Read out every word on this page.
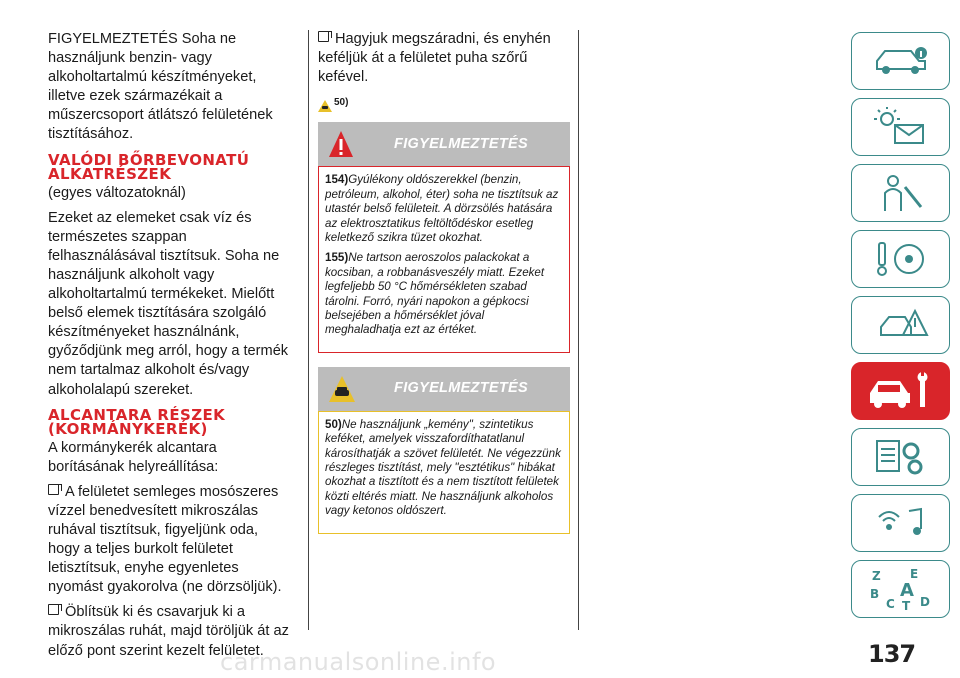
FIGYELMEZTETÉS Soha ne használjunk benzin- vagy alkoholtartalmú készítményeket, illetve ezek származékait a műszercsoport átlátszó felületének tisztításához.

VALÓDI BŐRBEVONATÚ ALKATRÉSZEK

(egyes változatoknál)

Ezeket az elemeket csak víz és természetes szappan felhasználásával tisztítsuk. Soha ne használjunk alkoholt vagy alkoholtartalmú termékeket. Mielőtt belső elemek tisztítására szolgáló készítményeket használnánk, győződjünk meg arról, hogy a termék nem tartalmaz alkoholt és/vagy alkoholalapú szereket.

ALCANTARA RÉSZEK (KORMÁNYKERÉK)

A kormánykerék alcantara borításának helyreállítása:

A felületet semleges mosószeres vízzel benedvesített mikroszálas ruhával tisztítsuk, figyeljünk oda, hogy a teljes burkolt felületet letisztítsuk, enyhe egyenletes nyomást gyakorolva (ne dörzsöljük).

Öblítsük ki és csavarjuk ki a mikroszálas ruhát, majd töröljük át az előző pont szerint kezelt felületet.

Hagyjuk megszáradni, és enyhén keféljük át a felületet puha szőrű kefével.

50)
FIGYELMEZTETÉS

154)Gyúlékony oldószerekkel (benzin, petróleum, alkohol, éter) soha ne tisztítsuk az utastér belső felületeit. A dörzsölés hatására az elektrosztatikus feltöltődéskor esetleg keletkező szikra tüzet okozhat.

155)Ne tartson aeroszolos palackokat a kocsiban, a robbanásveszély miatt. Ezeket legfeljebb 50 °C hőmérsékleten szabad tárolni. Forró, nyári napokon a gépkocsi belsejében a hőmérséklet jóval meghaladhatja ezt az értéket.

FIGYELMEZTETÉS

50)Ne használjunk „kemény", szintetikus keféket, amelyek visszafordíthatatlanul károsíthatják a szövet felületét. Ne végezzünk részleges tisztítást, mely "esztétikus" hibákat okozhat a tisztított és a nem tisztított felületek közti eltérés miatt. Ne használjunk alkoholos vagy ketonos oldószert.

Z E
B A
C D
T
137
carmanualsonline.info
